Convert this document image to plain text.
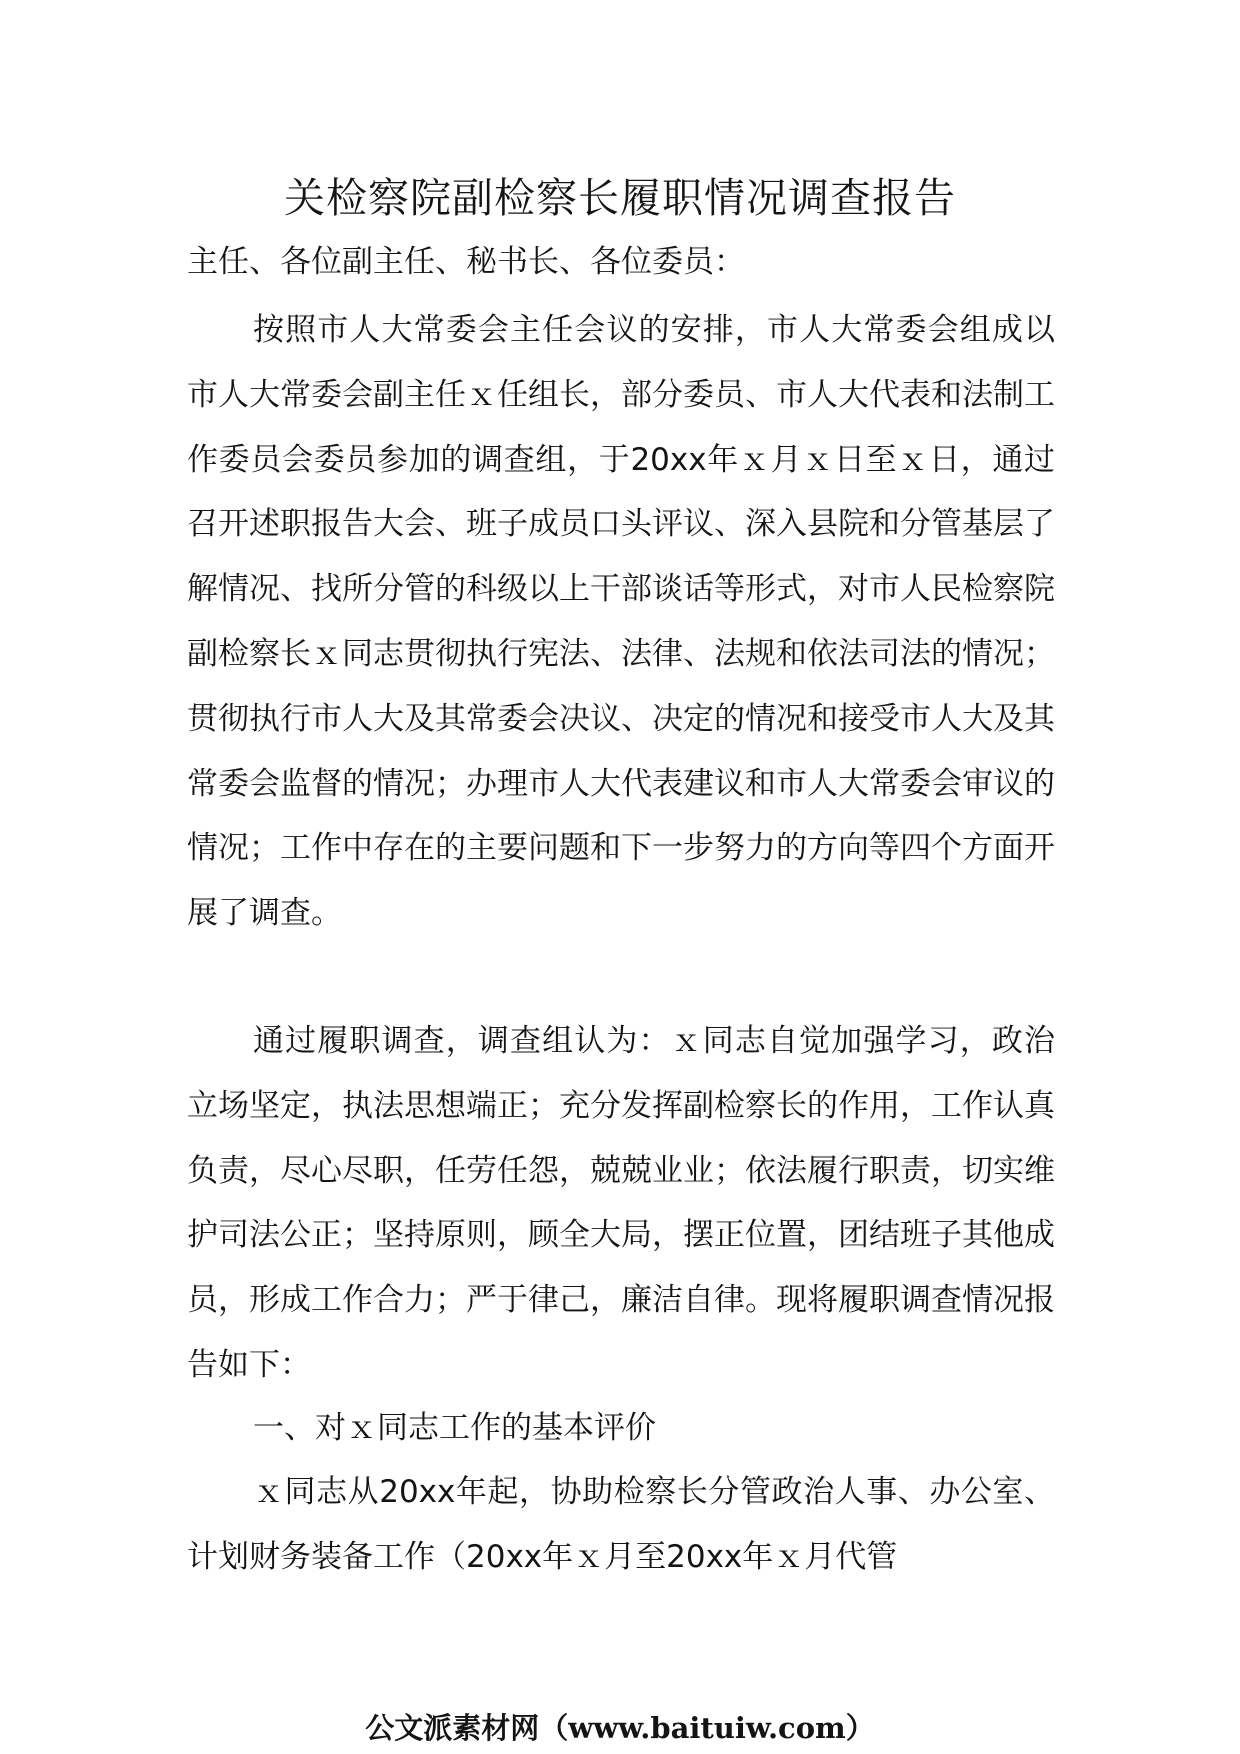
关检察院副检察长履职情况调查报告
主任、各位副主任、秘书长、各位委员：

按照市人大常委会主任会议的安排，市人大常委会组成以市人大常委会副主任ｘ任组长，部分委员、市人大代表和法制工作委员会委员参加的调查组，于20xx年ｘ月ｘ日至ｘ日，通过召开述职报告大会、班子成员口头评议、深入县院和分管基层了解情况、找所分管的科级以上干部谈话等形式，对市人民检察院副检察长ｘ同志贯彻执行宪法、法律、法规和依法司法的情况；贯彻执行市人大及其常委会决议、决定的情况和接受市人大及其常委会监督的情况；办理市人大代表建议和市人大常委会审议的情况；工作中存在的主要问题和下一步努力的方向等四个方面开展了调查。

通过履职调查，调查组认为：ｘ同志自觉加强学习，政治立场坚定，执法思想端正；充分发挥副检察长的作用，工作认真负责，尽心尽职，任劳任怨，兢兢业业；依法履行职责，切实维护司法公正；坚持原则，顾全大局，摆正位置，团结班子其他成员，形成工作合力；严于律己，廉洁自律。现将履职调查情况报告如下：

一、对ｘ同志工作的基本评价

ｘ同志从20xx年起，协助检察长分管政治人事、办公室、计划财务装备工作（20xx年ｘ月至20xx年ｘ月代管

公文派素材网（www.baituiw.com）
